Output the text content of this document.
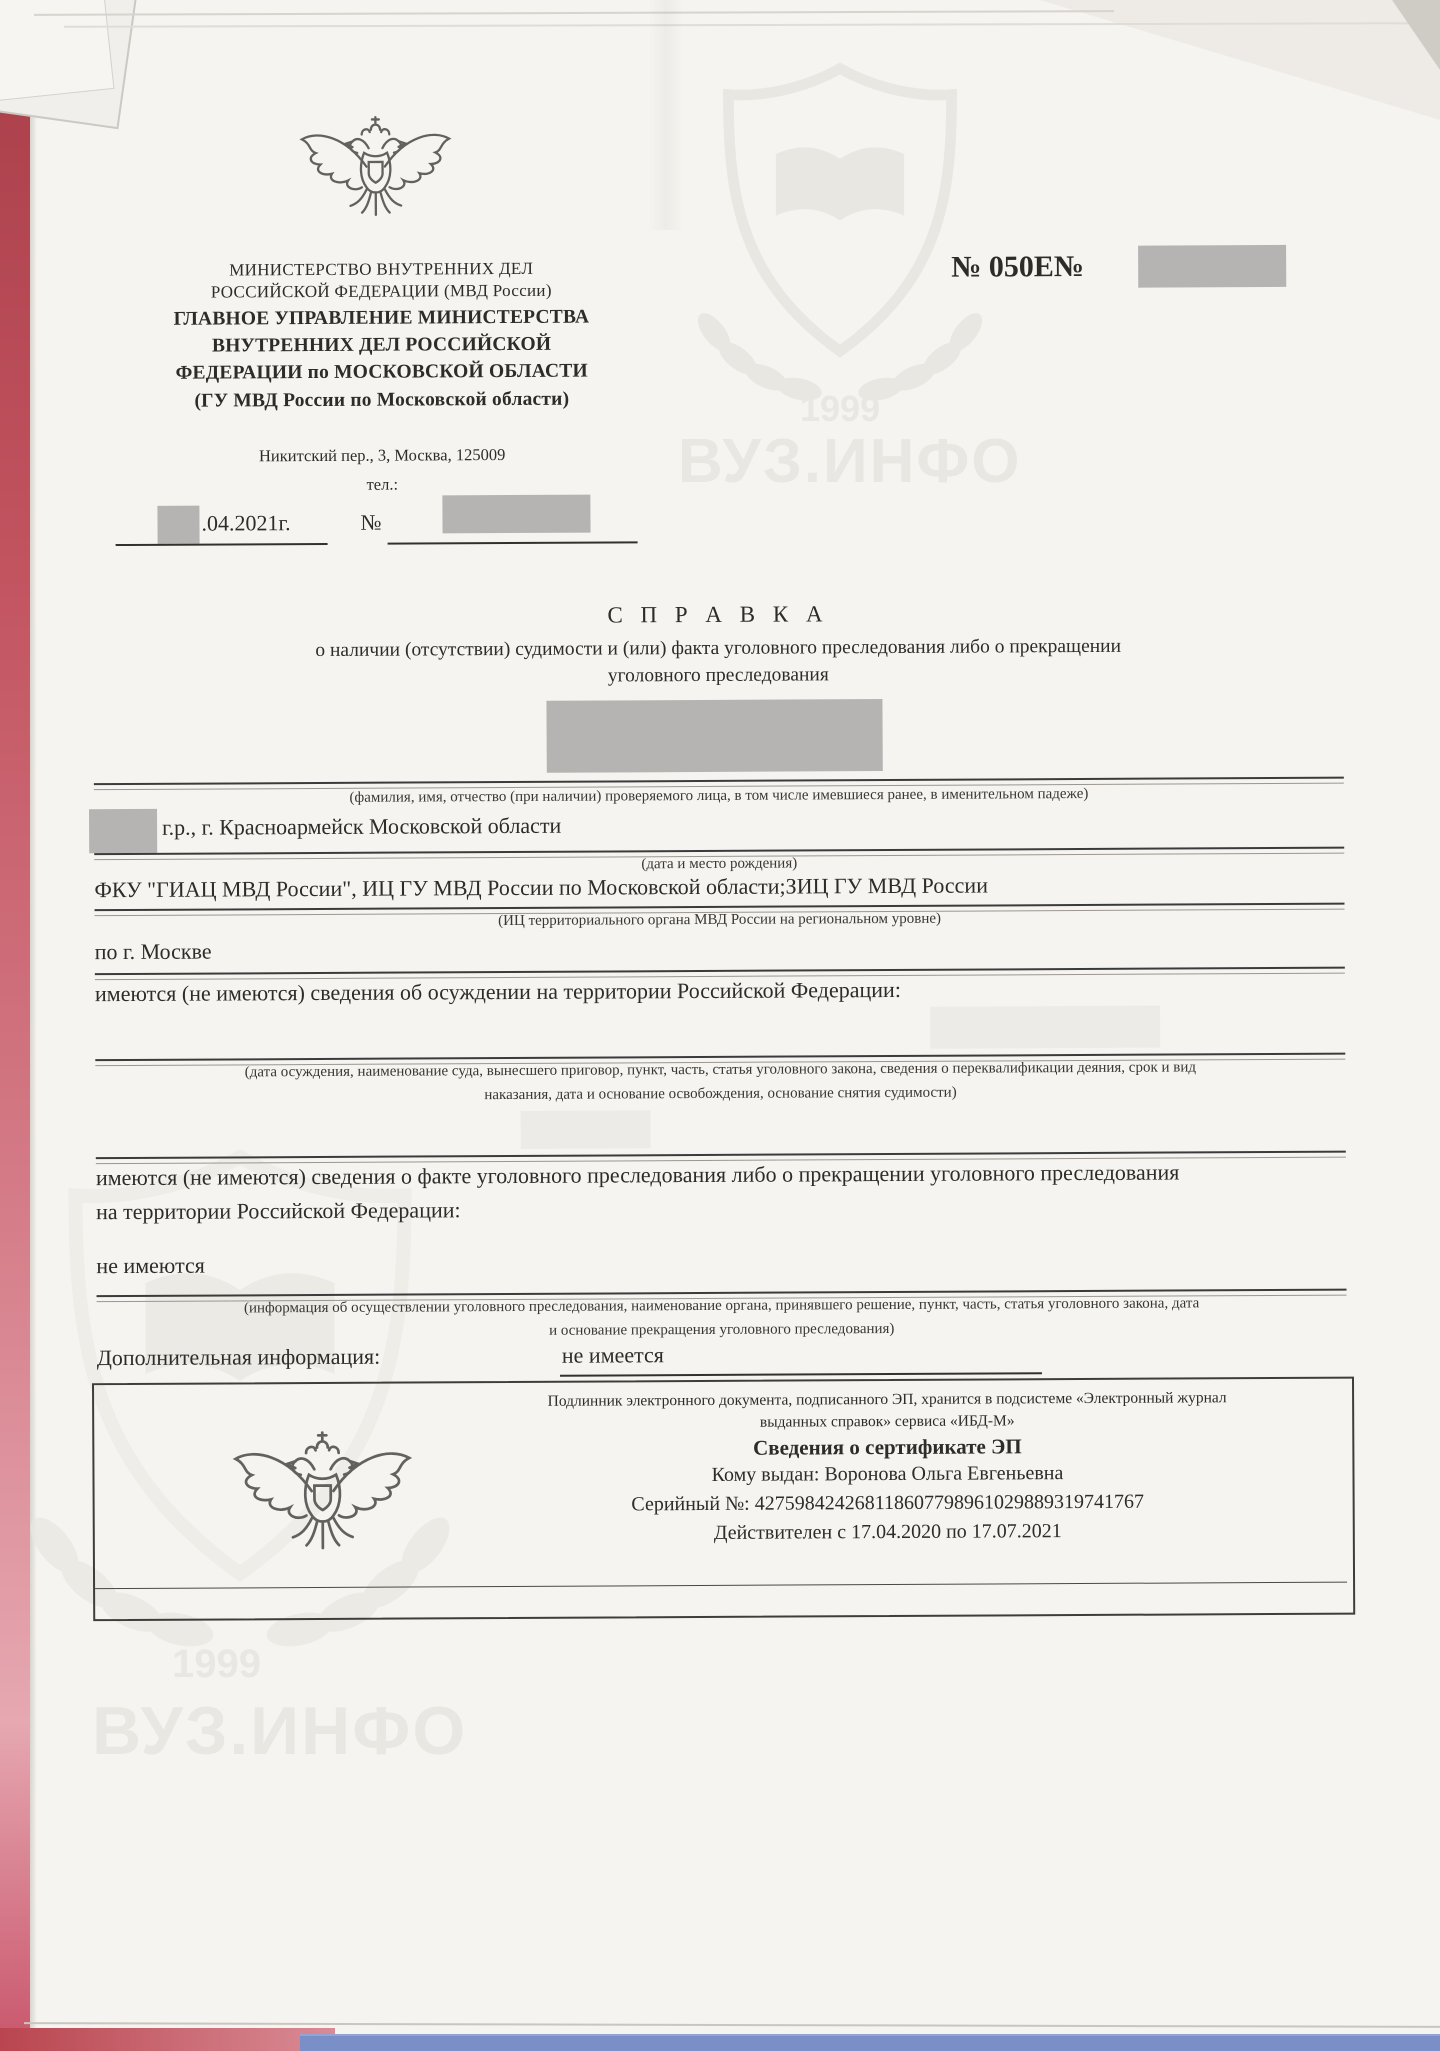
1999
ВУЗ.ИНФО
1999
ВУЗ.ИНФО
МИНИСТЕРСТВО ВНУТРЕННИХ ДЕЛ
РОССИЙСКОЙ ФЕДЕРАЦИИ (МВД России)
ГЛАВНОЕ УПРАВЛЕНИЕ МИНИСТЕРСТВА
ВНУТРЕННИХ ДЕЛ РОССИЙСКОЙ
ФЕДЕРАЦИИ по МОСКОВСКОЙ ОБЛАСТИ
(ГУ МВД России по Московской области)
Никитский пер., 3, Москва, 125009
тел.:
.04.2021г.	№
№ 050Е№
С П Р А В К А
о наличии (отсутствии) судимости и (или) факта уголовного преследования либо о прекращении
уголовного преследования
(фамилия, имя, отчество (при наличии) проверяемого лица, в том числе имевшиеся ранее, в именительном падеже)
г.р., г. Красноармейск Московской области
(дата и место рождения)
ФКУ "ГИАЦ МВД России", ИЦ ГУ МВД России по Московской области;ЗИЦ ГУ МВД России
(ИЦ территориального органа МВД России на региональном уровне)
по г. Москве
имеются (не имеются) сведения об осуждении на территории Российской Федерации:
(дата осуждения, наименование суда, вынесшего приговор, пункт, часть, статья уголовного закона, сведения о переквалификации деяния, срок и вид
наказания, дата и основание освобождения, основание снятия судимости)
имеются (не имеются) сведения о факте уголовного преследования либо о прекращении уголовного преследования
на территории Российской Федерации:
не имеются
(информация об осуществлении уголовного преследования, наименование органа, принявшего решение, пункт, часть, статья уголовного закона, дата
и основание прекращения уголовного преследования)
Дополнительная информация:	не имеется
Подлинник электронного документа, подписанного ЭП, хранится в подсистеме «Электронный журнал
выданных справок» сервиса «ИБД-М»
Сведения о сертификате ЭП
Кому выдан: Воронова Ольга Евгеньевна
Серийный №: 427598424268118607798961029889319741767
Действителен с 17.04.2020 по 17.07.2021
